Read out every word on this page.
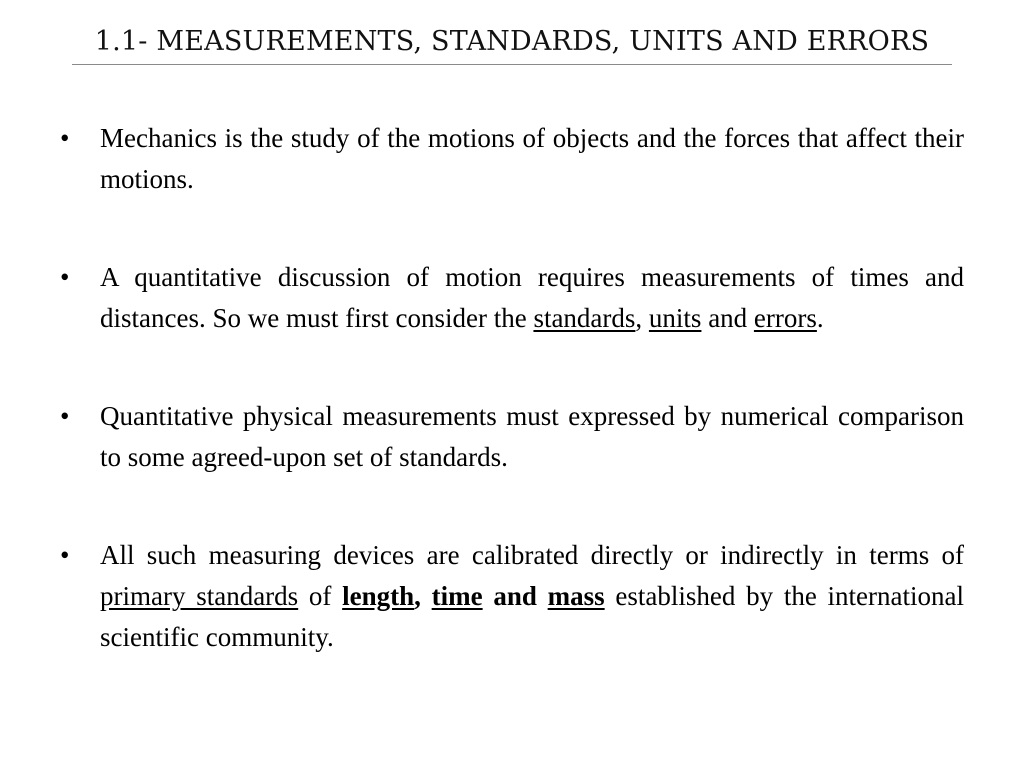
1.1- MEASUREMENTS, STANDARDS, UNITS AND ERRORS
•	Mechanics is the study of the motions of objects and the forces that affect their motions.
•	A quantitative discussion of motion requires measurements of times and distances. So we must first consider the standards, units and errors.
•	Quantitative physical measurements must expressed by numerical comparison to some agreed-upon set of standards.
•	All such measuring devices are calibrated directly or indirectly in terms of primary standards of length, time and mass established by the international scientific community.
